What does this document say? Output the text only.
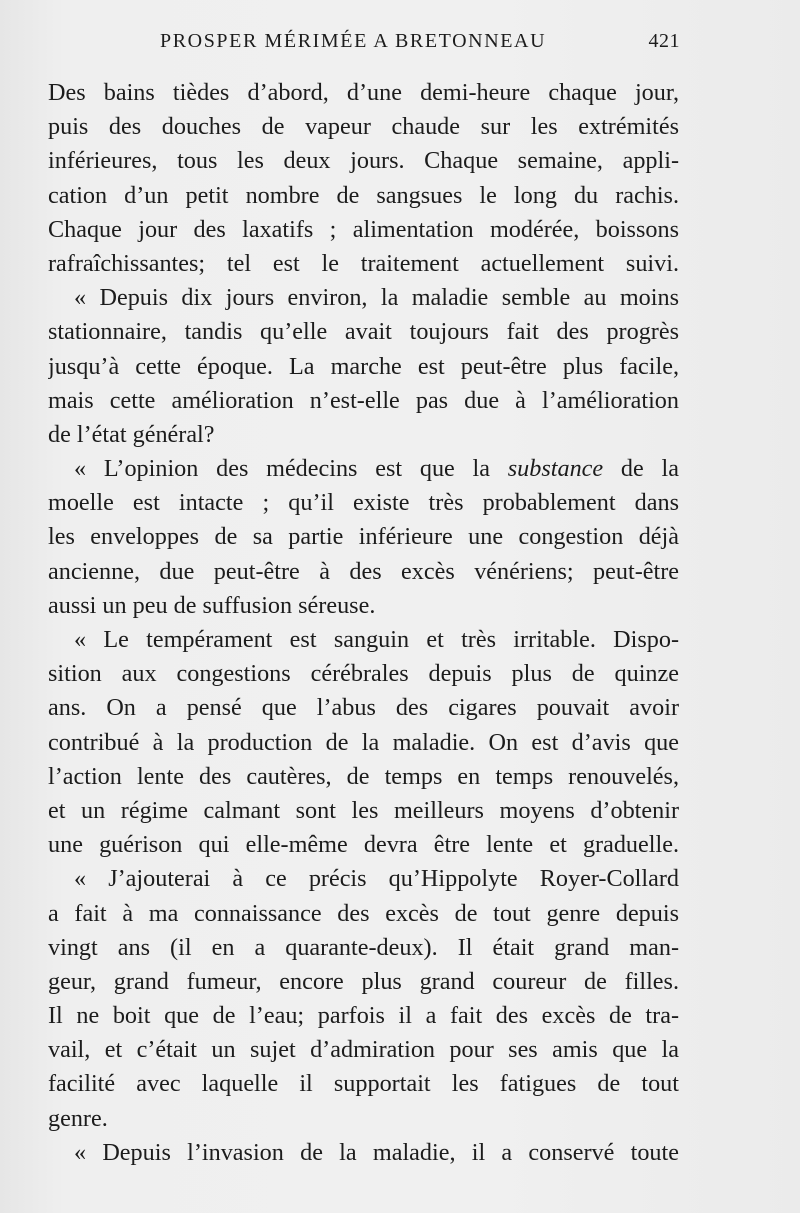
PROSPER MÉRIMÉE A BRETONNEAU	421
Des bains tièdes d’abord, d’une demi-heure chaque jour,
puis des douches de vapeur chaude sur les extrémités
inférieures, tous les deux jours. Chaque semaine, appli-
cation d’un petit nombre de sangsues le long du rachis.
Chaque jour des laxatifs ; alimentation modérée, boissons
rafraîchissantes; tel est le traitement actuellement suivi.
« Depuis dix jours environ, la maladie semble au moins
stationnaire, tandis qu’elle avait toujours fait des progrès
jusqu’à cette époque. La marche est peut-être plus facile,
mais cette amélioration n’est-elle pas due à l’amélioration
de l’état général?
« L’opinion des médecins est que la substance de la
moelle est intacte ; qu’il existe très probablement dans
les enveloppes de sa partie inférieure une congestion déjà
ancienne, due peut-être à des excès vénériens; peut-être
aussi un peu de suffusion séreuse.
« Le tempérament est sanguin et très irritable. Dispo-
sition aux congestions cérébrales depuis plus de quinze
ans. On a pensé que l’abus des cigares pouvait avoir
contribué à la production de la maladie. On est d’avis que
l’action lente des cautères, de temps en temps renouvelés,
et un régime calmant sont les meilleurs moyens d’obtenir
une guérison qui elle-même devra être lente et graduelle.
« J’ajouterai à ce précis qu’Hippolyte Royer-Collard
a fait à ma connaissance des excès de tout genre depuis
vingt ans (il en a quarante-deux). Il était grand man-
geur, grand fumeur, encore plus grand coureur de filles.
Il ne boit que de l’eau; parfois il a fait des excès de tra-
vail, et c’était un sujet d’admiration pour ses amis que la
facilité avec laquelle il supportait les fatigues de tout
genre.
« Depuis l’invasion de la maladie, il a conservé toute
